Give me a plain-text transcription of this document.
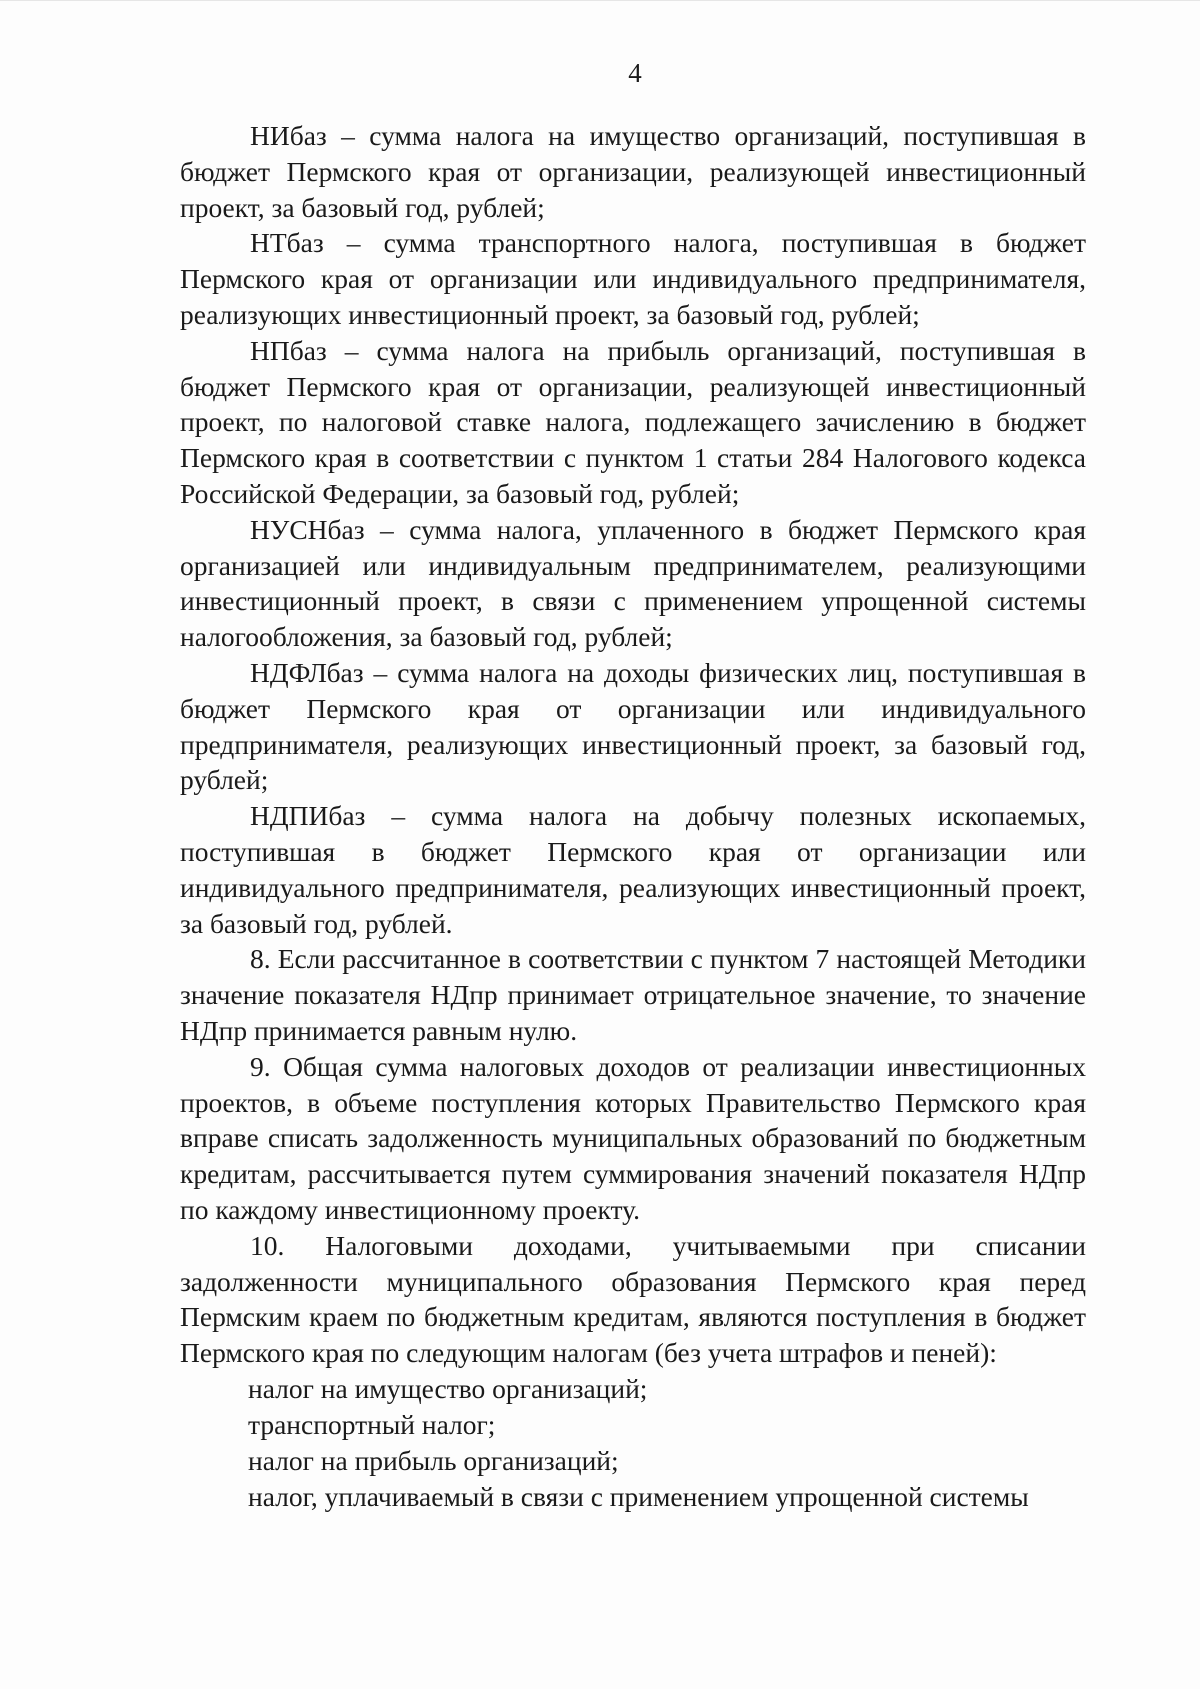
4

НИбаз – сумма налога на имущество организаций, поступившая в бюджет Пермского края от организации, реализующей инвестиционный проект, за базовый год, рублей;

НТбаз – сумма транспортного налога, поступившая в бюджет Пермского края от организации или индивидуального предпринимателя, реализующих инвестиционный проект, за базовый год, рублей;

НПбаз – сумма налога на прибыль организаций, поступившая в бюджет Пермского края от организации, реализующей инвестиционный проект, по налоговой ставке налога, подлежащего зачислению в бюджет Пермского края в соответствии с пунктом 1 статьи 284 Налогового кодекса Российской Федерации, за базовый год, рублей;

НУСНбаз – сумма налога, уплаченного в бюджет Пермского края организацией или индивидуальным предпринимателем, реализующими инвестиционный проект, в связи с применением упрощенной системы налогообложения, за базовый год, рублей;

НДФЛбаз – сумма налога на доходы физических лиц, поступившая в бюджет Пермского края от организации или индивидуального предпринимателя, реализующих инвестиционный проект, за базовый год, рублей;

НДПИбаз – сумма налога на добычу полезных ископаемых, поступившая в бюджет Пермского края от организации или индивидуального предпринимателя, реализующих инвестиционный проект, за базовый год, рублей.

8. Если рассчитанное в соответствии с пунктом 7 настоящей Методики значение показателя НДпр принимает отрицательное значение, то значение НДпр принимается равным нулю.

9. Общая сумма налоговых доходов от реализации инвестиционных проектов, в объеме поступления которых Правительство Пермского края вправе списать задолженность муниципальных образований по бюджетным кредитам, рассчитывается путем суммирования значений показателя НДпр по каждому инвестиционному проекту.

10. Налоговыми доходами, учитываемыми при списании задолженности муниципального образования Пермского края перед Пермским краем по бюджетным кредитам, являются поступления в бюджет Пермского края по следующим налогам (без учета штрафов и пеней):

налог на имущество организаций;

транспортный налог;

налог на прибыль организаций;

налог, уплачиваемый в связи с применением упрощенной системы
